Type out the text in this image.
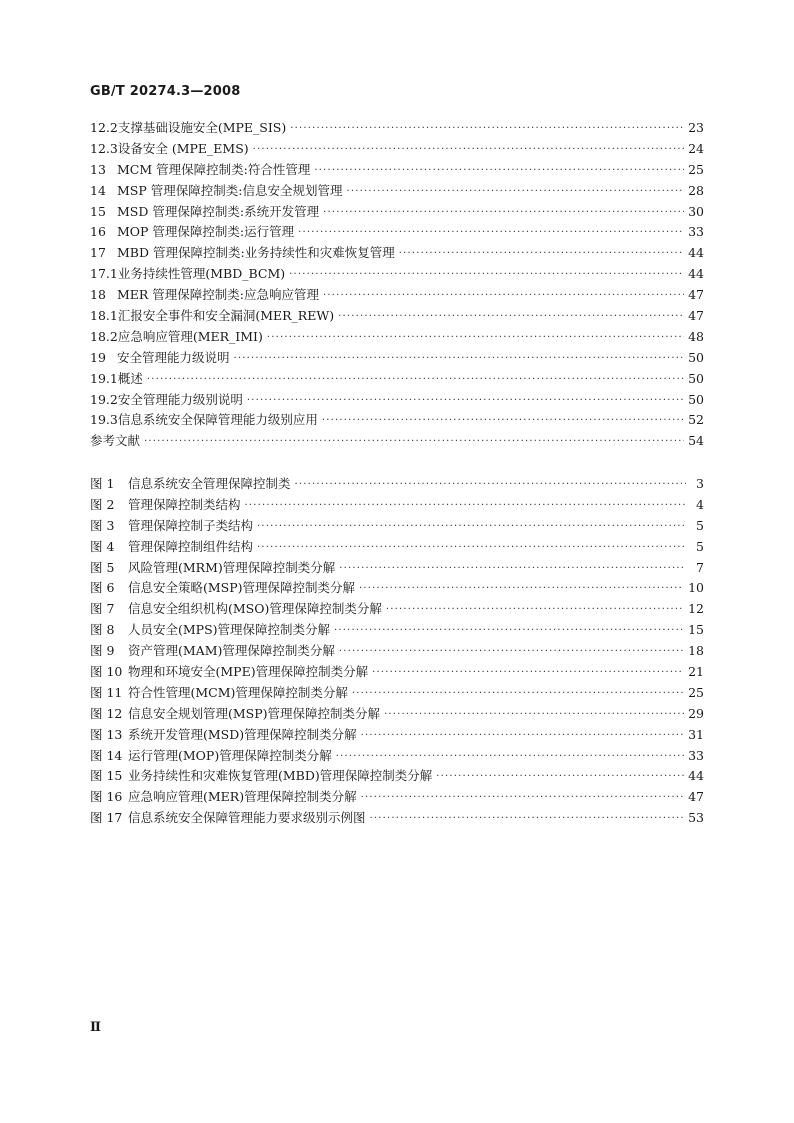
GB/T 20274.3—2008
12.2 支撑基础设施安全(MPE_SIS) ·····	23
12.3 设备安全 (MPE_EMS) ·····	24
13 MCM 管理保障控制类:符合性管理 ·····	25
14 MSP 管理保障控制类:信息安全规划管理 ·····	28
15 MSD 管理保障控制类:系统开发管理 ·····	30
16 MOP 管理保障控制类:运行管理 ·····	33
17 MBD 管理保障控制类:业务持续性和灾难恢复管理 ·····	44
17.1 业务持续性管理(MBD_BCM) ·····	44
18 MER 管理保障控制类:应急响应管理 ·····	47
18.1 汇报安全事件和安全漏洞(MER_REW) ·····	47
18.2 应急响应管理(MER_IMI) ·····	48
19 安全管理能力级说明 ·····	50
19.1 概述 ·····	50
19.2 安全管理能力级别说明 ·····	50
19.3 信息系统安全保障管理能力级别应用 ·····	52
参考文献 ·····	54
图 1	信息系统安全管理保障控制类 ·····	3
图 2	管理保障控制类结构 ·····	4
图 3	管理保障控制子类结构 ·····	5
图 4	管理保障控制组件结构 ·····	5
图 5	风险管理(MRM)管理保障控制类分解 ·····	7
图 6	信息安全策略(MSP)管理保障控制类分解 ·····	10
图 7	信息安全组织机构(MSO)管理保障控制类分解 ·····	12
图 8	人员安全(MPS)管理保障控制类分解 ·····	15
图 9	资产管理(MAM)管理保障控制类分解 ·····	18
图 10 物理和环境安全(MPE)管理保障控制类分解 ·····	21
图 11 符合性管理(MCM)管理保障控制类分解 ·····	25
图 12 信息安全规划管理(MSP)管理保障控制类分解 ·····	29
图 13 系统开发管理(MSD)管理保障控制类分解 ·····	31
图 14 运行管理(MOP)管理保障控制类分解 ·····	33
图 15 业务持续性和灾难恢复管理(MBD)管理保障控制类分解 ·····	44
图 16 应急响应管理(MER)管理保障控制类分解 ·····	47
图 17 信息系统安全保障管理能力要求级别示例图 ·····	53
Ⅱ
